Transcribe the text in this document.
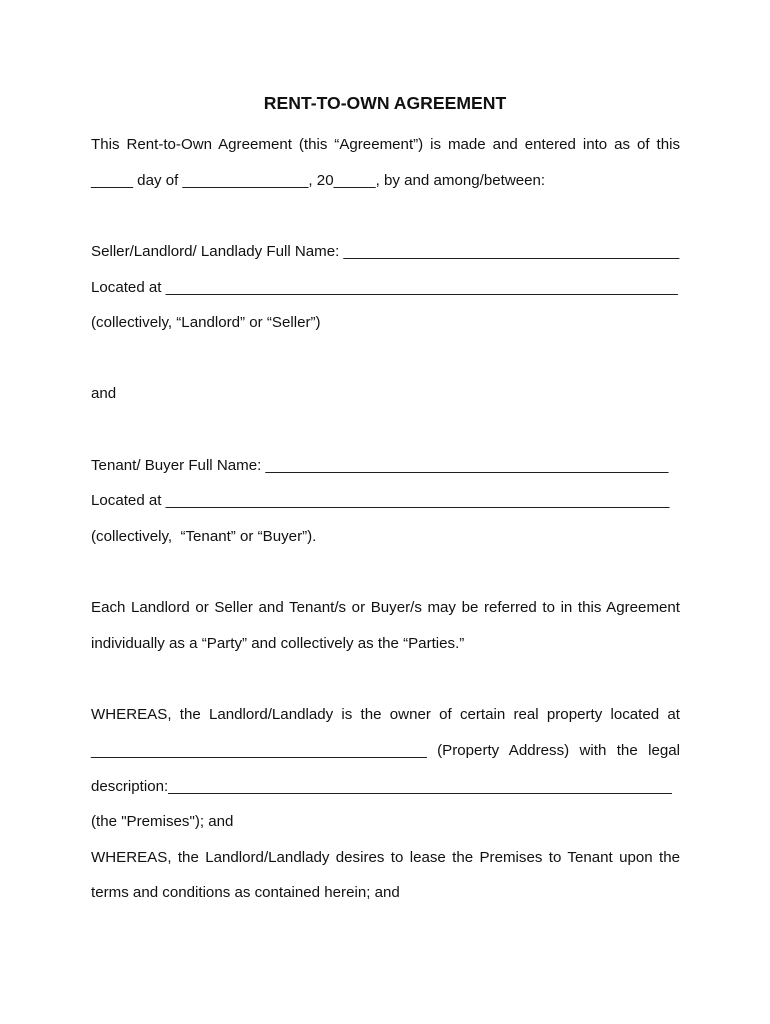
RENT-TO-OWN AGREEMENT
This Rent-to-Own Agreement (this “Agreement”) is made and entered into as of this
_____ day of _______________, 20_____, by and among/between:
Seller/Landlord/ Landlady Full Name: ________________________________________
Located at _____________________________________________________________
(collectively, “Landlord” or “Seller”)
and
Tenant/ Buyer Full Name: ________________________________________________
Located at ____________________________________________________________
(collectively,  “Tenant” or “Buyer”).
Each Landlord or Seller and Tenant/s or Buyer/s may be referred to in this Agreement
individually as a “Party” and collectively as the “Parties.”
WHEREAS, the Landlord/Landlady is the owner of certain real property located at
________________________________________ (Property Address) with the legal
description:____________________________________________________________
(the "Premises"); and
WHEREAS, the Landlord/Landlady desires to lease the Premises to Tenant upon the
terms and conditions as contained herein; and
